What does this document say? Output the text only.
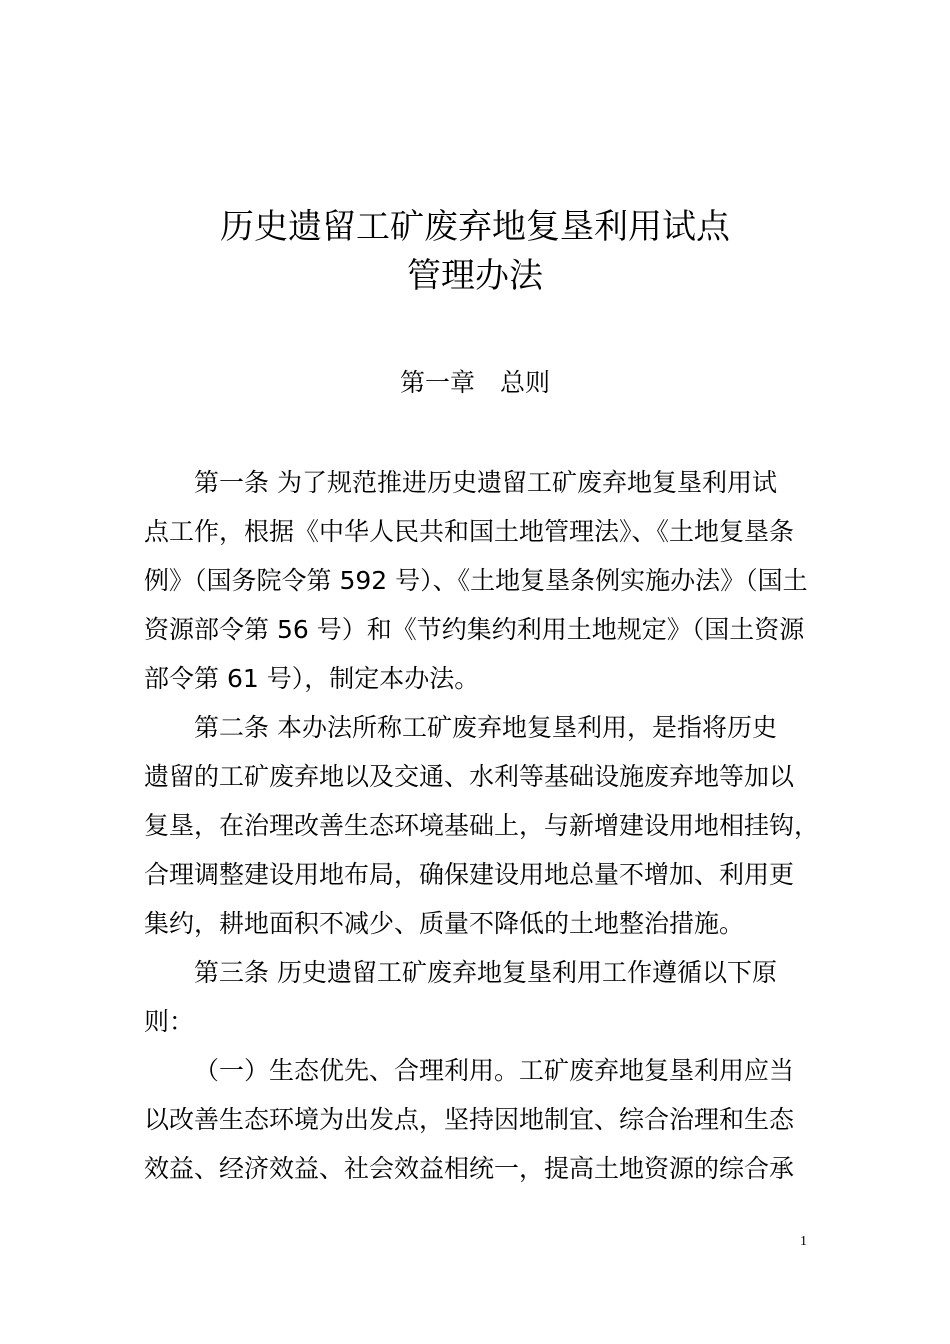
历史遗留工矿废弃地复垦利用试点
管理办法
第一章　总则
第一条 为了规范推进历史遗留工矿废弃地复垦利用试
点工作，根据《中华人民共和国土地管理法》、《土地复垦条
例》（国务院令第 592 号）、《土地复垦条例实施办法》（国土
资源部令第 56 号）和《节约集约利用土地规定》（国土资源
部令第 61 号），制定本办法。
第二条 本办法所称工矿废弃地复垦利用，是指将历史
遗留的工矿废弃地以及交通、水利等基础设施废弃地等加以
复垦，在治理改善生态环境基础上，与新增建设用地相挂钩，
合理调整建设用地布局，确保建设用地总量不增加、利用更
集约，耕地面积不减少、质量不降低的土地整治措施。
第三条 历史遗留工矿废弃地复垦利用工作遵循以下原
则：
（一）生态优先、合理利用。工矿废弃地复垦利用应当
以改善生态环境为出发点，坚持因地制宜、综合治理和生态
效益、经济效益、社会效益相统一，提高土地资源的综合承
1
